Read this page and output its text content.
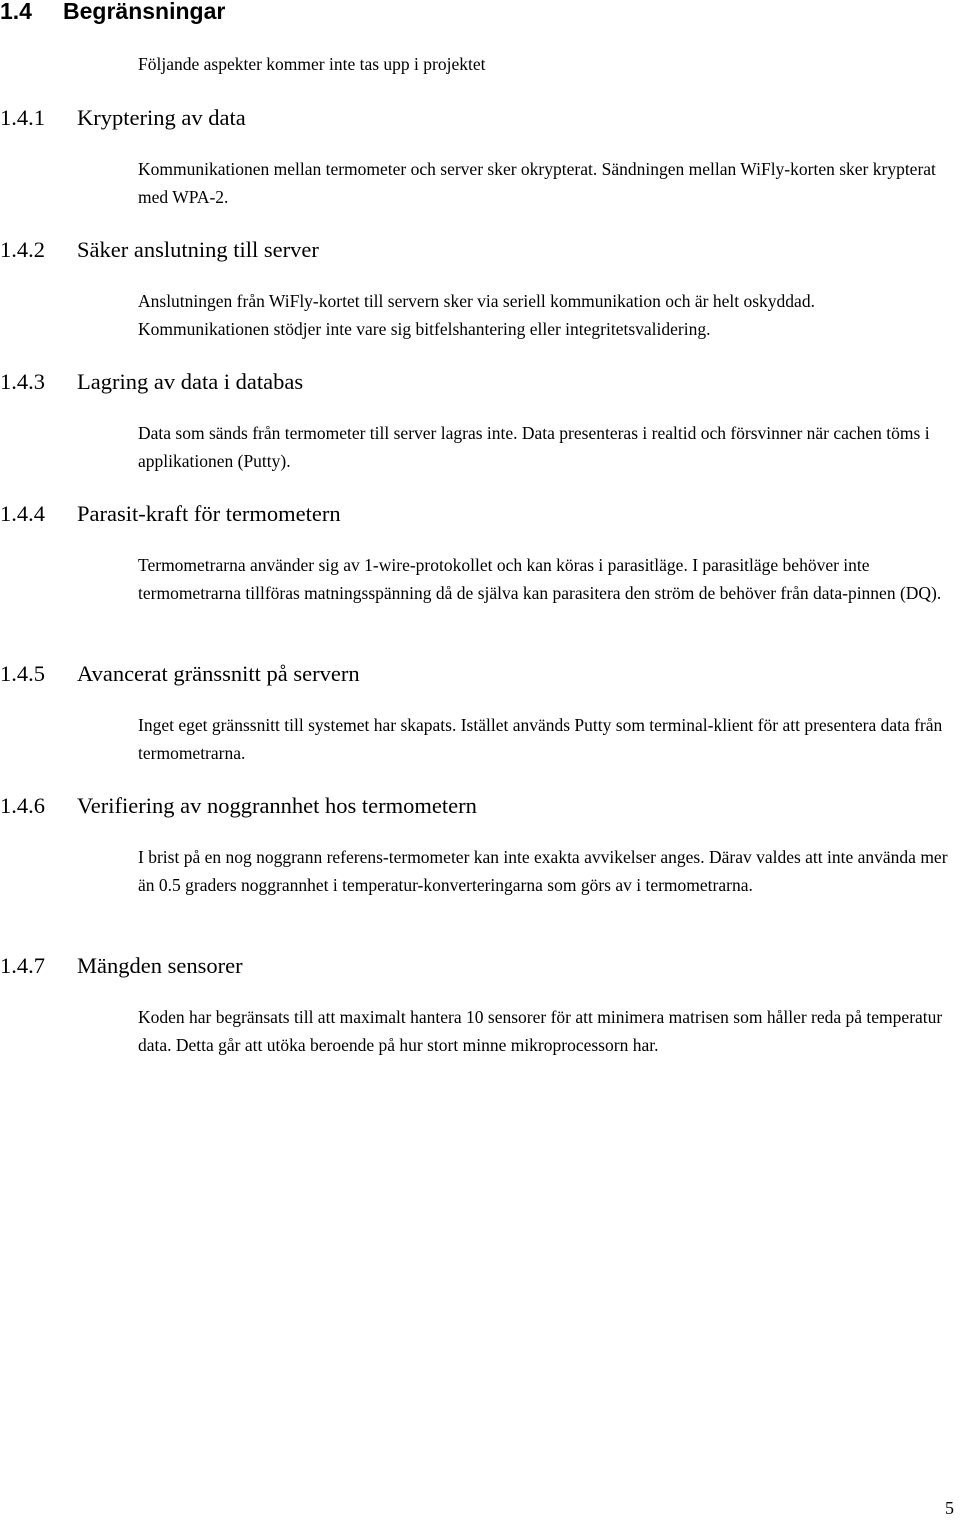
1.4 Begränsningar
Följande aspekter kommer inte tas upp i projektet
1.4.1 Kryptering av data
Kommunikationen mellan termometer och server sker okrypterat. Sändningen mellan WiFly-korten sker krypterat med WPA-2.
1.4.2 Säker anslutning till server
Anslutningen från WiFly-kortet till servern sker via seriell kommunikation och är helt oskyddad. Kommunikationen stödjer inte vare sig bitfelshantering eller integritetsvalidering.
1.4.3 Lagring av data i databas
Data som sänds från termometer till server lagras inte. Data presenteras i realtid och försvinner när cachen töms i applikationen (Putty).
1.4.4 Parasit-kraft för termometern
Termometrarna använder sig av 1-wire-protokollet och kan köras i parasitläge. I parasitläge behöver inte termometrarna tillföras matningsspänning då de själva kan parasitera den ström de behöver från data-pinnen (DQ).
1.4.5 Avancerat gränssnitt på servern
Inget eget gränssnitt till systemet har skapats. Istället används Putty som terminal-klient för att presentera data från termometrarna.
1.4.6 Verifiering av noggrannhet hos termometern
I brist på en nog noggrann referens-termometer kan inte exakta avvikelser anges. Därav valdes att inte använda mer än 0.5 graders noggrannhet i temperatur-konverteringarna som görs av i termometrarna.
1.4.7 Mängden sensorer
Koden har begränsats till att maximalt hantera 10 sensorer för att minimera matrisen som håller reda på temperatur data. Detta går att utöka beroende på hur stort minne mikroprocessorn har.
5
